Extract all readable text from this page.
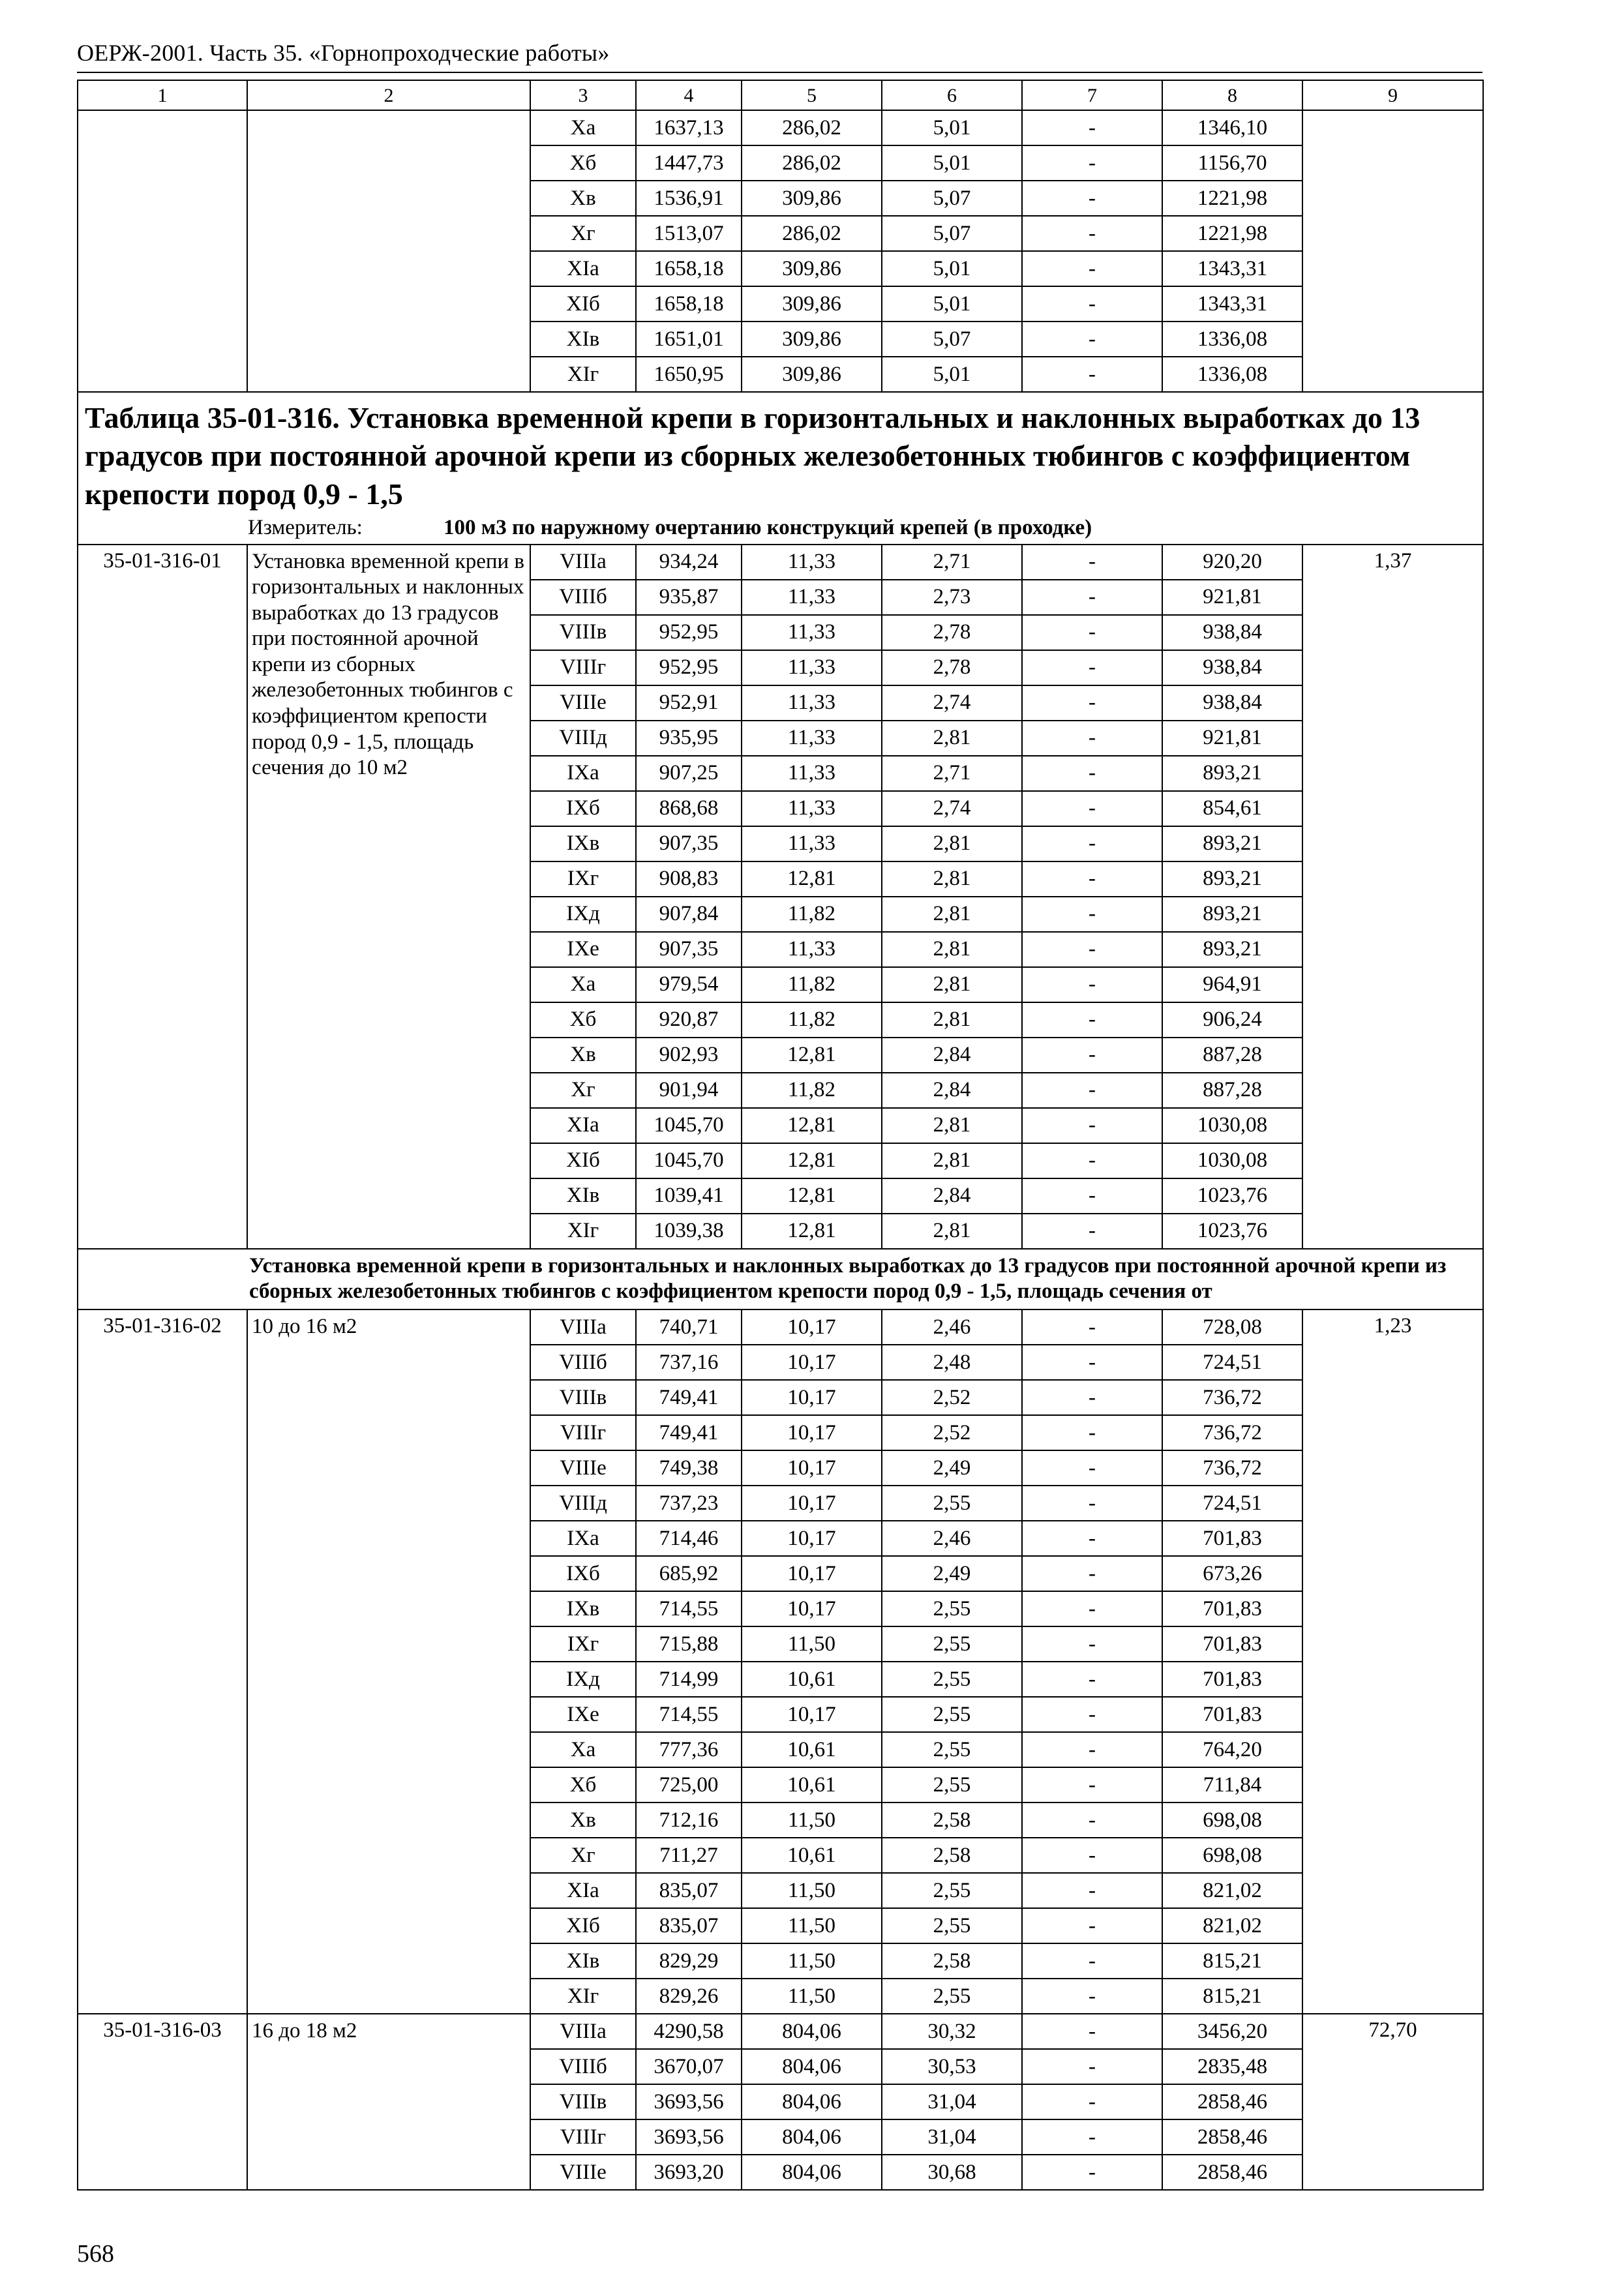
ОЕРЖ-2001. Часть 35. «Горнопроходческие работы»
1	2	3	4	5	6	7	8	9
		Xa	1637,13	286,02	5,01	-	1346,10	
		Xб	1447,73	286,02	5,01	-	1156,70	
		Xв	1536,91	309,86	5,07	-	1221,98	
		Xг	1513,07	286,02	5,07	-	1221,98	
		XIa	1658,18	309,86	5,01	-	1343,31	
		XIб	1658,18	309,86	5,01	-	1343,31	
		XIв	1651,01	309,86	5,07	-	1336,08	
		XIг	1650,95	309,86	5,01	-	1336,08	

Таблица 35-01-316. Установка временной крепи в горизонтальных и наклонных выработках до 13 градусов при постоянной арочной крепи из сборных железобетонных тюбингов с коэффициентом крепости пород 0,9 - 1,5
Измеритель: 100 м3 по наружному очертанию конструкций крепей (в проходке)								

35-01-316-01	Установка временной крепи в горизонтальных и наклонных выработках до 13 градусов при постоянной арочной крепи из сборных железобетонных тюбингов с коэффициентом крепости пород 0,9 - 1,5, площадь сечения до 10 м2	VIIIa	934,24	11,33	2,71	-	920,20	1,37
		VIIIб	935,87	11,33	2,73	-	921,81	
		VIIIв	952,95	11,33	2,78	-	938,84	
		VIIIг	952,95	11,33	2,78	-	938,84	
		VIIIe	952,91	11,33	2,74	-	938,84	
		VIIIд	935,95	11,33	2,81	-	921,81	
		IXa	907,25	11,33	2,71	-	893,21	
		IXб	868,68	11,33	2,74	-	854,61	
		IXв	907,35	11,33	2,81	-	893,21	
		IXг	908,83	12,81	2,81	-	893,21	
		IXд	907,84	11,82	2,81	-	893,21	
		IXe	907,35	11,33	2,81	-	893,21	
		Xa	979,54	11,82	2,81	-	964,91	
		Xб	920,87	11,82	2,81	-	906,24	
		Xв	902,93	12,81	2,84	-	887,28	
		Xг	901,94	11,82	2,84	-	887,28	
		XIa	1045,70	12,81	2,81	-	1030,08	
		XIб	1045,70	12,81	2,81	-	1030,08	
		XIв	1039,41	12,81	2,84	-	1023,76	
		XIг	1039,38	12,81	2,81	-	1023,76	
Установка временной крепи в горизонтальных и наклонных выработках до 13 градусов при постоянной арочной крепи из сборных железобетонных тюбингов с коэффициентом крепости пород 0,9 - 1,5, площадь сечения от								
35-01-316-02	10 до 16 м2	VIIIa	740,71	10,17	2,46	-	728,08	1,23
		VIIIб	737,16	10,17	2,48	-	724,51	
		VIIIв	749,41	10,17	2,52	-	736,72	
		VIIIг	749,41	10,17	2,52	-	736,72	
		VIIIe	749,38	10,17	2,49	-	736,72	
		VIIIд	737,23	10,17	2,55	-	724,51	
		IXa	714,46	10,17	2,46	-	701,83	
		IXб	685,92	10,17	2,49	-	673,26	
		IXв	714,55	10,17	2,55	-	701,83	
		IXг	715,88	11,50	2,55	-	701,83	
		IXд	714,99	10,61	2,55	-	701,83	
		IXe	714,55	10,17	2,55	-	701,83	
		Xa	777,36	10,61	2,55	-	764,20	
		Xб	725,00	10,61	2,55	-	711,84	
		Xв	712,16	11,50	2,58	-	698,08	
		Xг	711,27	10,61	2,58	-	698,08	
		XIa	835,07	11,50	2,55	-	821,02	
		XIб	835,07	11,50	2,55	-	821,02	
		XIв	829,29	11,50	2,58	-	815,21	
		XIг	829,26	11,50	2,55	-	815,21	
35-01-316-03	16 до 18 м2	VIIIa	4290,58	804,06	30,32	-	3456,20	72,70
		VIIIб	3670,07	804,06	30,53	-	2835,48	
		VIIIв	3693,56	804,06	31,04	-	2858,46	
		VIIIг	3693,56	804,06	31,04	-	2858,46	
		VIIIe	3693,20	804,06	30,68	-	2858,46	
568
